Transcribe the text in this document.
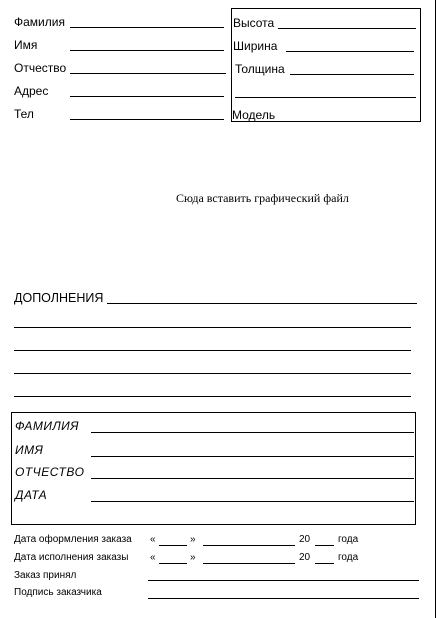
Фамилия
Имя
Отчество
Адрес
Тел
Высота
Ширина
Толщина
Модель
Сюда вставить графический файл
ДОПОЛНЕНИЯ
ФАМИЛИЯ
ИМЯ
ОТЧЕСТВО
ДАТА
Дата оформления заказа «	»	20	года
Дата исполнения заказы «	»	20	года
Заказ принял
Подпись заказчика
